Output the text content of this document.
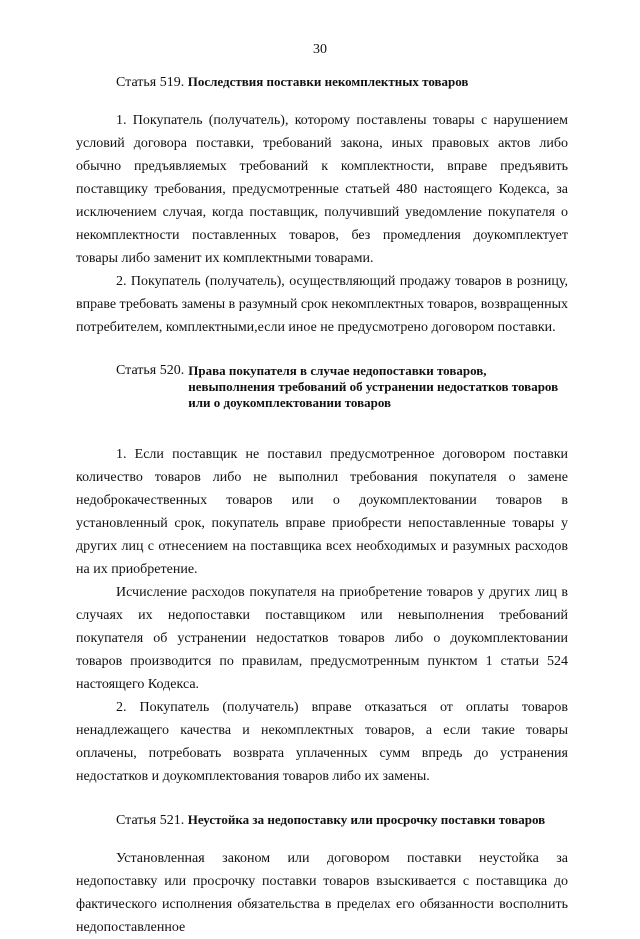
30
Статья 519. Последствия поставки некомплектных товаров

1. Покупатель (получатель), которому поставлены товары с нарушением условий договора поставки, требований закона, иных правовых актов либо обычно предъявляемых требований к комплектности, вправе предъявить поставщику требования, предусмотренные статьей 480 настоящего Кодекса, за исключением случая, когда поставщик, получивший уведомление покупателя о некомплектности поставленных товаров, без промедления доукомплектует товары либо заменит их комплектными товарами.

2. Покупатель (получатель), осуществляющий продажу товаров в розницу, вправе требовать замены в разумный срок некомплектных товаров, возвращенных потребителем, комплектными,если иное не предусмотрено договором поставки.

Статья 520. Права покупателя в случае недопоставки товаров, невыполнения требований об устранении недостатков товаров или о доукомплектовании товаров

1. Если поставщик не поставил предусмотренное договором поставки количество товаров либо не выполнил требования покупателя о замене недоброкачественных товаров или о доукомплектовании товаров в установленный срок, покупатель вправе приобрести непоставленные товары у других лиц с отнесением на поставщика всех необходимых и разумных расходов на их приобретение.

Исчисление расходов покупателя на приобретение товаров у других лиц в случаях их недопоставки поставщиком или невыполнения требований покупателя об устранении недостатков товаров либо о доукомплектовании товаров производится по правилам, предусмотренным пунктом 1 статьи 524 настоящего Кодекса.

2. Покупатель (получатель) вправе отказаться от оплаты товаров ненадлежащего качества и некомплектных товаров, а если такие товары оплачены, потребовать возврата уплаченных сумм впредь до устранения недостатков и доукомплектования товаров либо их замены.

Статья 521. Неустойка за недопоставку или просрочку поставки товаров

Установленная законом или договором поставки неустойка за недопоставку или просрочку поставки товаров взыскивается с поставщика до фактического исполнения обязательства в пределах его обязанности восполнить недопоставленное
